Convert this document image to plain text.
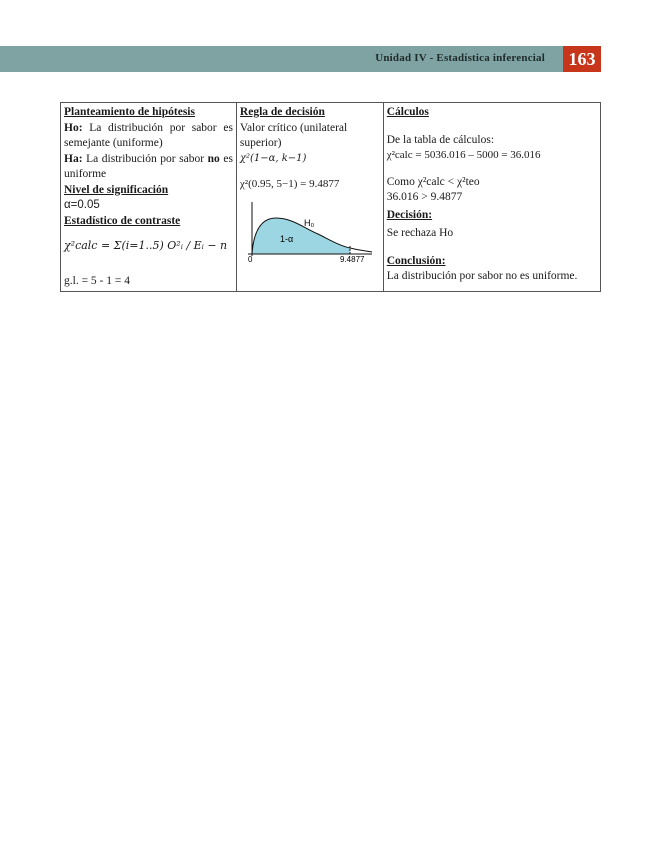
Unidad IV - Estadística inferencial	163
Planteamiento de hipótesis
Ho: La distribución por sabor es semejante (uniforme)
Ha: La distribución por sabor no es uniforme
Nivel de significación
α=0.05
Estadístico de contraste
χ²calc = Σ(i=1..5) O²ᵢ / Eᵢ − n
g.l. = 5 - 1 = 4

Regla de decisión
Valor crítico (unilateral superior)
χ²(1−α, k−1)
χ²(0.95, 5−1) = 9.4877
H₀
1-α
0	9.4877

Cálculos
De la tabla de cálculos:
χ²calc = 5036.016 – 5000 = 36.016
Como χ²calc < χ²teo
36.016 > 9.4877
Decisión:
Se rechaza Ho
Conclusión:
La distribución por sabor no es uniforme.
